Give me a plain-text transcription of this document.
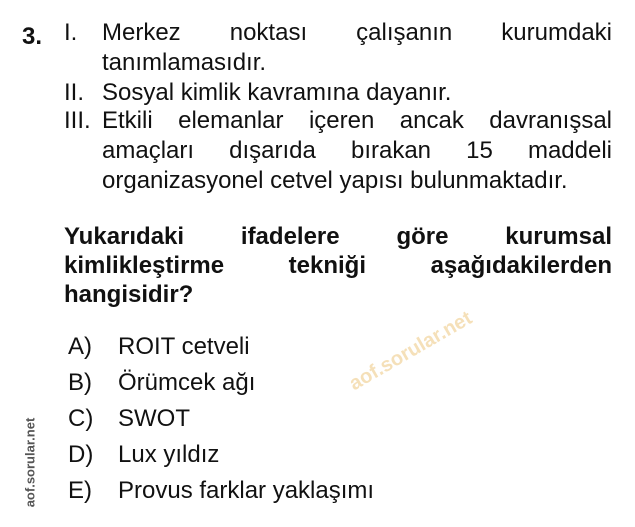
3. I. Merkez noktası çalışanın kurumdaki
tanımlamasıdır.
II. Sosyal kimlik kavramına dayanır.
III. Etkili elemanlar içeren ancak davranışsal
amaçları dışarıda bırakan 15 maddeli
organizasyonel cetvel yapısı bulunmaktadır.
Yukarıdaki ifadelere göre kurumsal kimlikleştirme tekniği aşağıdakilerden hangisidir?
A) ROIT cetveli
B) Örümcek ağı
C) SWOT
D) Lux yıldız
E) Provus farklar yaklaşımı
aof.sorular.net
aof.sorular.net
